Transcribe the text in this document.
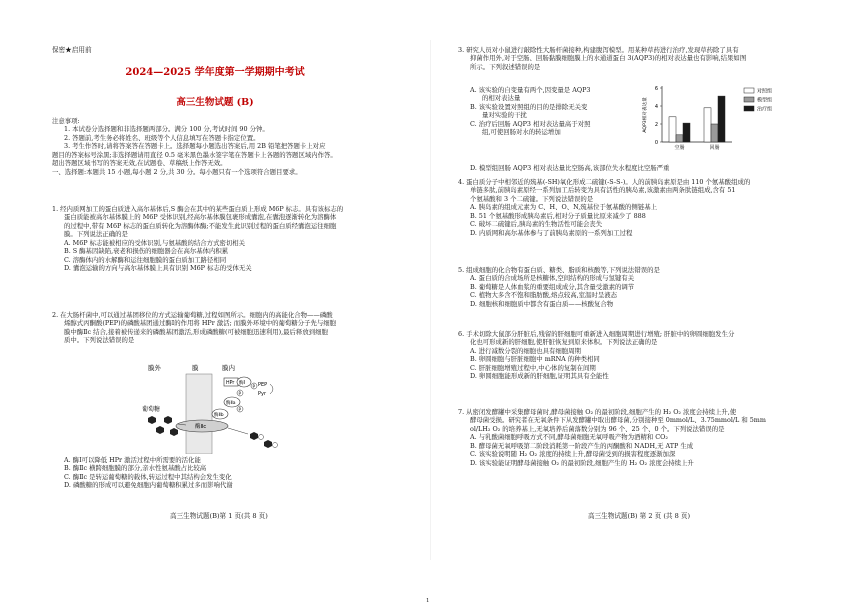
保密★启用前
2024—2025 学年度第一学期期中考试
高三生物试题 (B)

注意事项:

1. 本试卷分选择题和非选择题两部分。满分 100 分,考试时间 90 分钟。

2. 答题前,考生务必将姓名、班级等个人信息填写在答题卡指定位置。

3. 考生作答时,请将答案答在答题卡上。选择题每小题选出答案后,用 2B 铅笔把答题卡上对应

题目的答案标号涂黑;非选择题请用直径 0.5 毫米黑色墨水签字笔在答题卡上各题的答题区域内作答。

超出答题区域书写的答案无效,在试题卷、草稿纸上作答无效。

一、选择题:本题共 15 小题,每小题 2 分,共 30 分。每小题只有一个选项符合题目要求。

1. 经内质网加工的蛋白质进入高尔基体后,S 酶会在其中的某些蛋白质上形成 M6P 标志。具有该标志的

蛋白质能被高尔基体膜上的 M6P 受体识别,经高尔基体膜包裹形成囊泡,在囊泡逐渐转化为溶酶体

的过程中,带有 M6P 标志的蛋白质转化为溶酶体酶;不能发生此识别过程的蛋白质经囊泡运往细胞

膜。下列说法正确的是

A. M6P 标志能被相应的受体识别,与氨基酸的结合方式密切相关

B. S 酶基因缺陷,衰老和损伤的细胞器会在高尔基体内积累

C. 溶酶体内的水解酶和运往细胞膜的蛋白质加工路径相同

D. 囊泡运输的方向与高尔基体膜上具有识别 M6P 标志的受体无关

2. 在大肠杆菌中,可以通过基团移位的方式运输葡萄糖,过程如图所示。细胞内的高能化合物——磷酸

烯醇式丙酮酸(PEP)的磷酸基团通过酶Ⅰ的作用将 HPr 激活; 而膜外环境中的葡萄糖分子先与细胞

膜中酶Ⅱc 结合,接着被传递来的磷酸基团激活,形成磷酸糖(可被细胞迅速利用),最后释放到细胞

质中。下列说法错误的是

膜外	膜	膜内
葡萄糖
酶Ⅱc
酶Ⅱb
酶Ⅱa
HPr 酶Ⅰ
P
P
P
PEP
Pyr

A. 酶Ⅰ可以降低 HPr 激活过程中所需要的活化能

B. 酶Ⅱc 横跨细胞膜的部分,亲水性氨基酸占比较高

C. 酶Ⅱc 是转运葡萄糖的载体,转运过程中其结构会发生变化

D. 磷酸糖的形成可以避免细胞内葡萄糖积累过多而影响代谢

高三生物试题(B)第 1 页(共 8 页)

3. 研究人员对小鼠进行敲除性大肠杆菌接种,构建腹泻模型。用某种草药进行治疗,发现草药除了具有

抑菌作用外,对于空肠、回肠黏膜细胞膜上的水通道蛋白 3(AQP3)的相对表达量也有影响,结果如图

所示。下列叙述错误的是

A. 该实验的自变量有两个,因变量是 AQP3

的相对表达量

B. 该实验设置对照组的目的是排除无关变

量对实验的干扰

C. 治疗后回肠 AQP3 相对表达量高于对照

组,可使回肠对水的转运增加

D. 模型组回肠 AQP3 相对表达量比空肠高,该部位失水程度比空肠严重

0
2
4
6
AQP3相对表达量
空肠	回肠
对照组
模型组
治疗组

4. 蛋白质分子中相邻近的巯基(-SH)氧化形成二硫键(-S-S-)。人的前胰岛素原是由 110 个氨基酸组成的

单链多肽,前胰岛素原经一系列加工后转变为具有活性的胰岛素,该激素由两条肽链组成,含有 51

个氨基酸和 3 个二硫键。下列说法错误的是

A. 胰岛素的组成元素为 C、H、O、N,巯基位于氨基酸的侧链基上

B. 51 个氨基酸形成胰岛素后,相对分子质量比原来减少了 888

C. 破坏二硫键后,胰岛素的生物活性可能会丧失

D. 内质网和高尔基体参与了前胰岛素原的一系列加工过程

5. 组成细胞的化合物有蛋白质、糖类、脂质和核酸等,下列说法错误的是

A. 蛋白质的合成场所是核糖体,空间结构的形成与氢键有关

B. 葡萄糖是人体血浆的重要组成成分,其含量受激素的调节

C. 植物大多含不饱和脂肪酸,熔点较高,室温时呈液态

D. 细胞核和细胞质中都含有蛋白质——核酸复合物

6. 手术切除大鼠部分肝脏后,残留的肝细胞可重新进入细胞周期进行增殖; 肝脏中的卵圆细胞发生分

化也可形成新的肝细胞,使肝脏恢复到原来体积。下列说法正确的是

A. 进行减数分裂的细胞也具有细胞周期

B. 卵圆细胞与肝脏细胞中 mRNA 的种类相同

C. 肝脏细胞增殖过程中,中心体的复制在间期

D. 卵圆细胞能形成新的肝细胞,证明其具有全能性

7. 从密闭发酵罐中采集酵母菌时,酵母菌接触 O₂ 的最初阶段,细胞产生的 H₂ O₂ 浓度会持续上升,使

酵母菌受损。研究者在无氧条件下从发酵罐中取出酵母菌,分别接种至 0mmol/L、3.75mmol/L 和 5mm

ol/LH₂ O₂ 的培养基上,无氧培养后菌落数分别为 96 个、25 个、0 个。下列说法错误的是

A. 与乳酸菌细胞呼吸方式不同,酵母菌细胞无氧呼吸产物为酒精和 CO₂

B. 酵母菌无氧呼吸第二阶段消耗第一阶段产生的丙酮酸和 NADH,无 ATP 生成

C. 该实验说明随 H₂ O₂ 浓度的持续上升,酵母菌受到的损害程度逐渐加深

D. 该实验能证明酵母菌接触 O₂ 的最初阶段,细胞产生的 H₂ O₂ 浓度会持续上升

高三生物试题(B) 第 2 页 (共 8 页)
1
